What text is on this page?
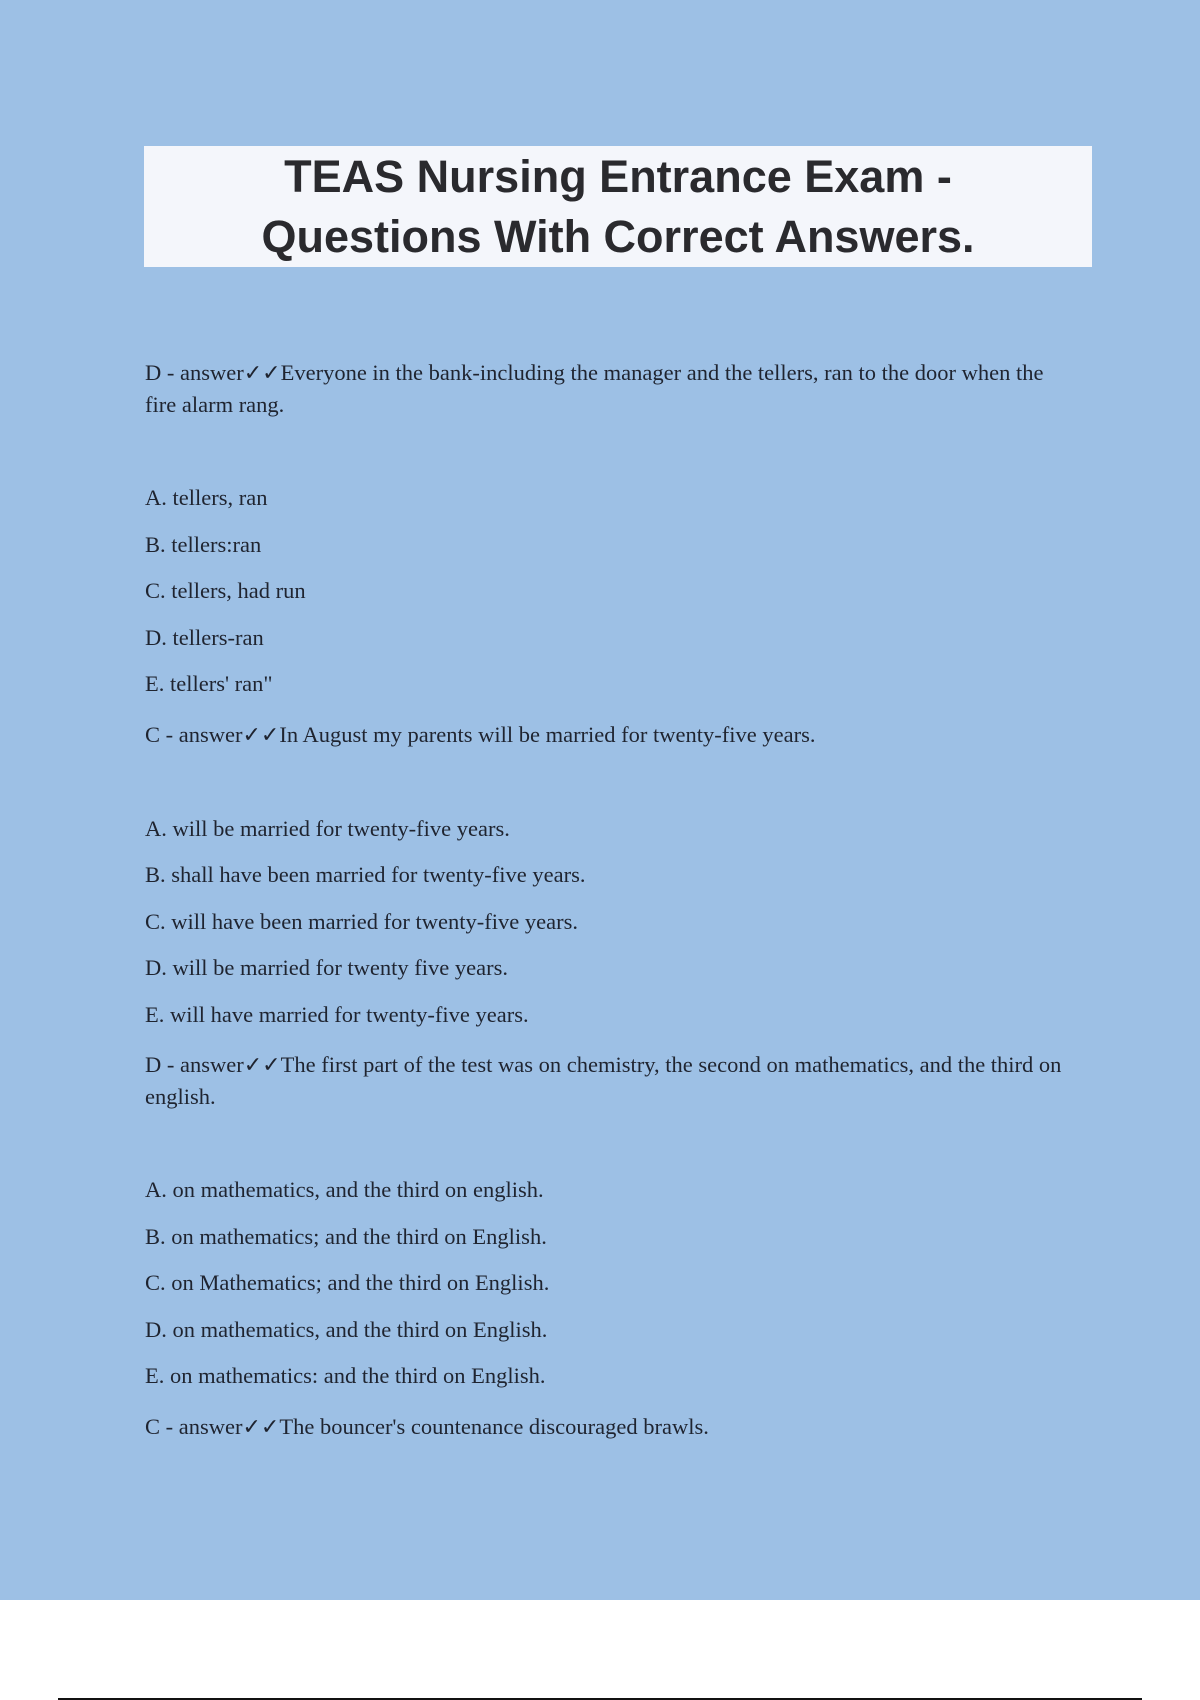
TEAS Nursing Entrance Exam -
Questions With Correct Answers.

D - answer✓✓Everyone in the bank-including the manager and the tellers, ran to the door when the fire alarm rang.

A. tellers, ran
B. tellers:ran
C. tellers, had run
D. tellers-ran
E. tellers' ran"

C - answer✓✓In August my parents will be married for twenty-five years.

A. will be married for twenty-five years.
B. shall have been married for twenty-five years.
C. will have been married for twenty-five years.
D. will be married for twenty five years.
E. will have married for twenty-five years.

D - answer✓✓The first part of the test was on chemistry, the second on mathematics, and the third on english.

A. on mathematics, and the third on english.
B. on mathematics; and the third on English.
C. on Mathematics; and the third on English.
D. on mathematics, and the third on English.
E. on mathematics: and the third on English.

C - answer✓✓The bouncer's countenance discouraged brawls.
